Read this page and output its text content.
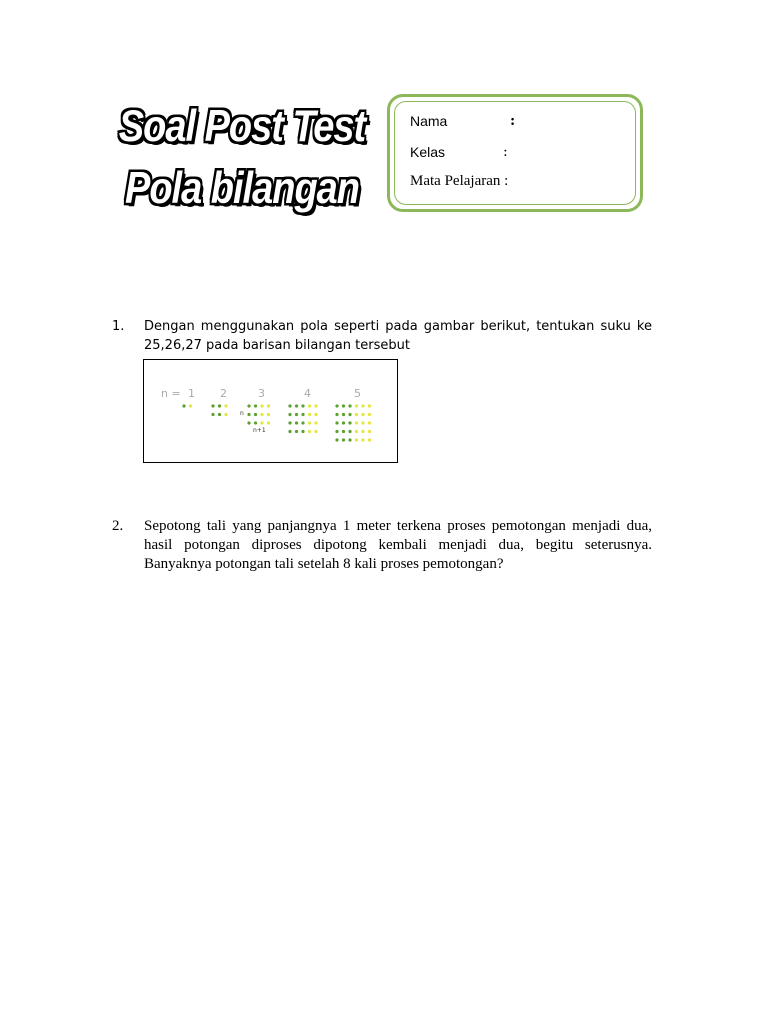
Soal Post Test
Pola bilangan
Nama	:
Kelas	:
Mata Pelajaran :
1. Dengan menggunakan pola seperti pada gambar berikut, tentukan suku ke 25,26,27 pada barisan bilangan tersebut
n = 1 2	3	4	5
n
n+1
2. Sepotong tali yang panjangnya 1 meter terkena proses pemotongan menjadi dua, hasil potongan diproses dipotong kembali menjadi dua, begitu seterusnya. Banyaknya potongan tali setelah 8 kali proses pemotongan?
